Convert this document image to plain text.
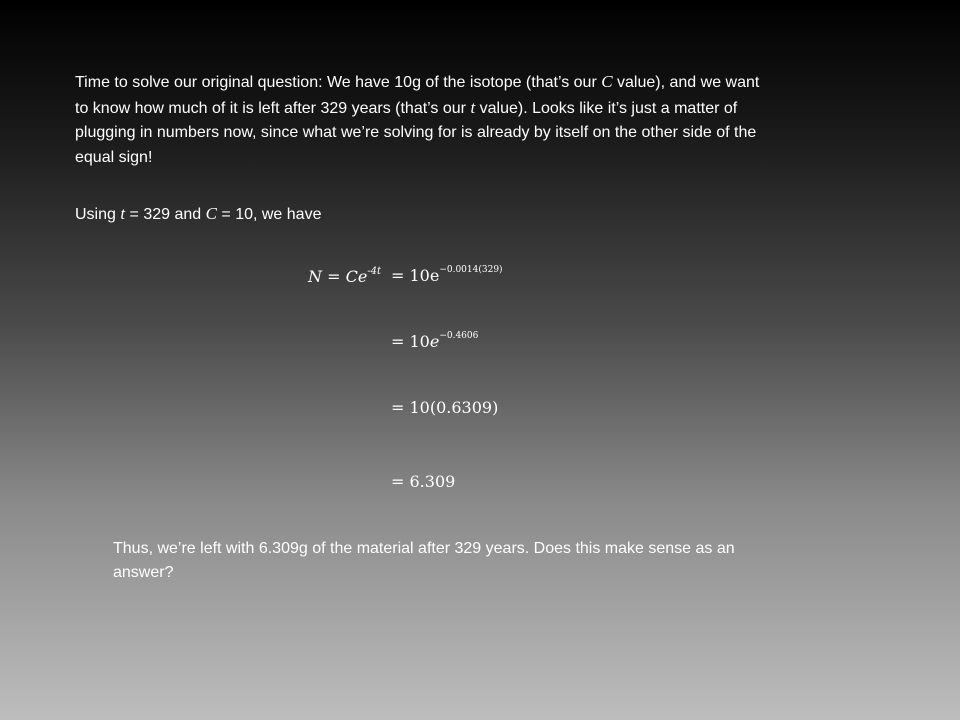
Time to solve our original question: We have 10g of the isotope (that’s our C value), and we want
to know how much of it is left after 329 years (that’s our t value). Looks like it’s just a matter of
plugging in numbers now, since what we’re solving for is already by itself on the other side of the
equal sign!
Using t = 329 and C = 10, we have
$N = Ce^{-4t} = 10e^{-0.0014(329)}$
= $10e^{-0.4606}$
= 10(0.6309)
= 6.309
Thus, we’re left with 6.309g of the material after 329 years. Does this make sense as an
answer?
